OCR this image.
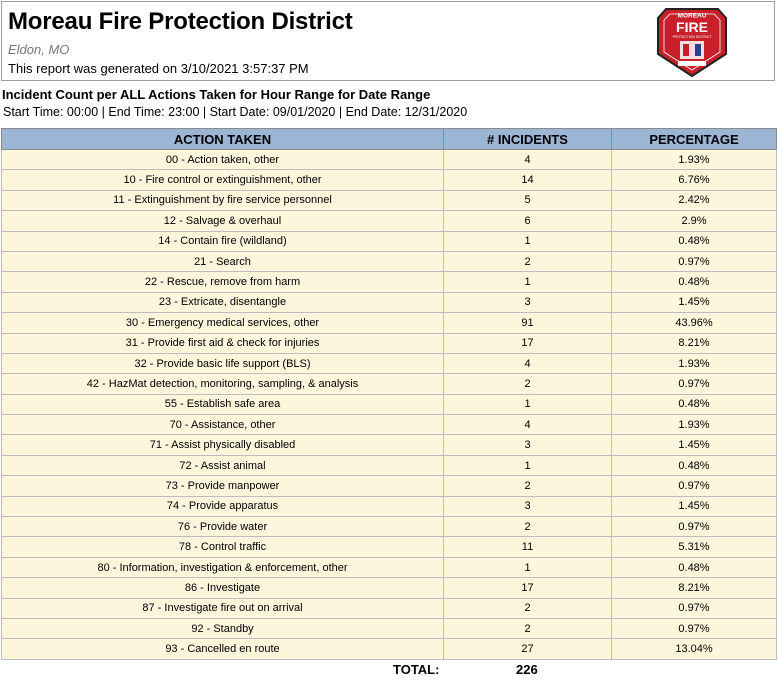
Moreau Fire Protection District
Eldon, MO
This report was generated on 3/10/2021 3:57:37 PM
MOREAU
FIRE
PROTECTION DISTRICT
Incident Count per ALL Actions Taken for Hour Range for Date Range
Start Time: 00:00 | End Time: 23:00 | Start Date: 09/01/2020 | End Date: 12/31/2020
ACTION TAKEN	# INCIDENTS	PERCENTAGE
00 - Action taken, other	4	1.93%
10 - Fire control or extinguishment, other	14	6.76%
11 - Extinguishment by fire service personnel	5	2.42%
12 - Salvage & overhaul	6	2.9%
14 - Contain fire (wildland)	1	0.48%
21 - Search	2	0.97%
22 - Rescue, remove from harm	1	0.48%
23 - Extricate, disentangle	3	1.45%
30 - Emergency medical services, other	91	43.96%
31 - Provide first aid & check for injuries	17	8.21%
32 - Provide basic life support (BLS)	4	1.93%
42 - HazMat detection, monitoring, sampling, & analysis	2	0.97%
55 - Establish safe area	1	0.48%
70 - Assistance, other	4	1.93%
71 - Assist physically disabled	3	1.45%
72 - Assist animal	1	0.48%
73 - Provide manpower	2	0.97%
74 - Provide apparatus	3	1.45%
76 - Provide water	2	0.97%
78 - Control traffic	11	5.31%
80 - Information, investigation & enforcement, other	1	0.48%
86 - Investigate	17	8.21%
87 - Investigate fire out on arrival	2	0.97%
92 - Standby	2	0.97%
93 - Cancelled en route	27	13.04%
TOTAL:	226
